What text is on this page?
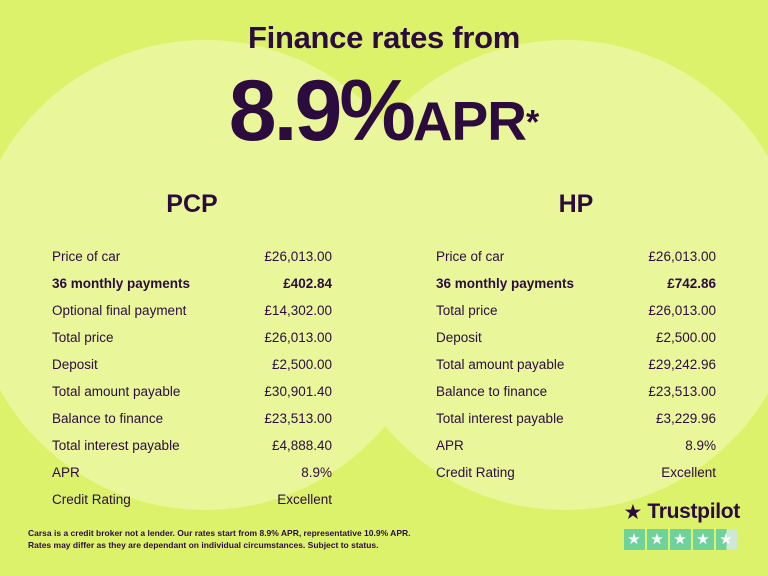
Finance rates from
8.9%APR*
PCP
Price of car	£26,013.00
36 monthly payments	£402.84
Optional final payment	£14,302.00
Total price	£26,013.00
Deposit	£2,500.00
Total amount payable	£30,901.40
Balance to finance	£23,513.00
Total interest payable	£4,888.40
APR	8.9%
Credit Rating	Excellent
HP
Price of car	£26,013.00
36 monthly payments	£742.86
Total price	£26,013.00
Deposit	£2,500.00
Total amount payable	£29,242.96
Balance to finance	£23,513.00
Total interest payable	£3,229.96
APR	8.9%
Credit Rating	Excellent
Carsa is a credit broker not a lender. Our rates start from 8.9% APR, representative 10.9% APR.
Rates may differ as they are dependant on individual circumstances. Subject to status.
★ Trustpilot
★ ★ ★ ★ ★
